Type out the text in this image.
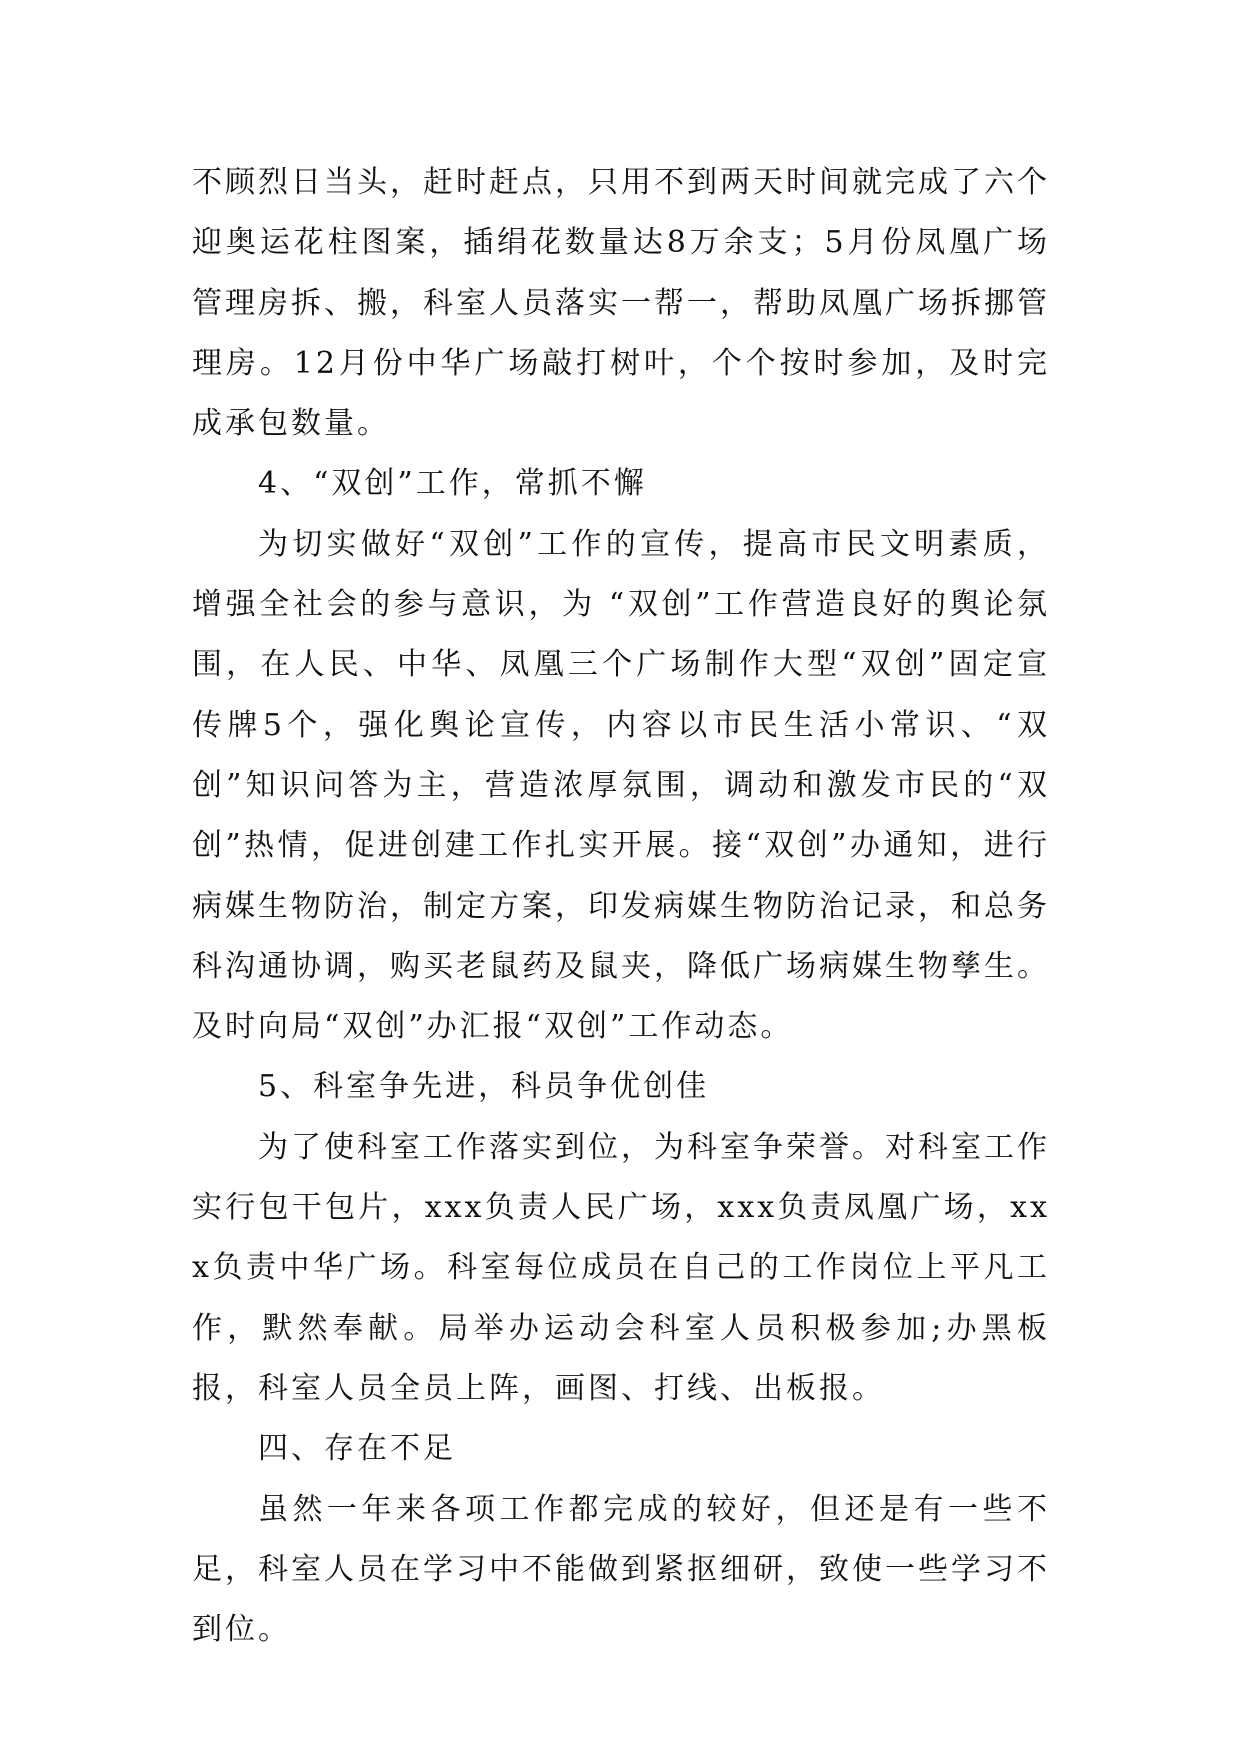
不顾烈日当头，赶时赶点，只用不到两天时间就完成了六个迎奥运花柱图案，插绢花数量达8万余支；5月份凤凰广场管理房拆、搬，科室人员落实一帮一，帮助凤凰广场拆挪管理房。12月份中华广场敲打树叶，个个按时参加，及时完成承包数量。

4、“双创”工作，常抓不懈

为切实做好“双创”工作的宣传，提高市民文明素质，增强全社会的参与意识，为 “双创”工作营造良好的舆论氛围，在人民、中华、凤凰三个广场制作大型“双创”固定宣传牌5个，强化舆论宣传，内容以市民生活小常识、“双创”知识问答为主，营造浓厚氛围，调动和激发市民的“双创”热情，促进创建工作扎实开展。接“双创”办通知，进行病媒生物防治，制定方案，印发病媒生物防治记录，和总务科沟通协调，购买老鼠药及鼠夹，降低广场病媒生物孳生。及时向局“双创”办汇报“双创”工作动态。

5、科室争先进，科员争优创佳

为了使科室工作落实到位，为科室争荣誉。对科室工作实行包干包片，xxx负责人民广场，xxx负责凤凰广场，xxx负责中华广场。科室每位成员在自己的工作岗位上平凡工作，默然奉献。局举办运动会科室人员积极参加;办黑板报，科室人员全员上阵，画图、打线、出板报。

四、存在不足

虽然一年来各项工作都完成的较好，但还是有一些不足，科室人员在学习中不能做到紧抠细研，致使一些学习不到位。
